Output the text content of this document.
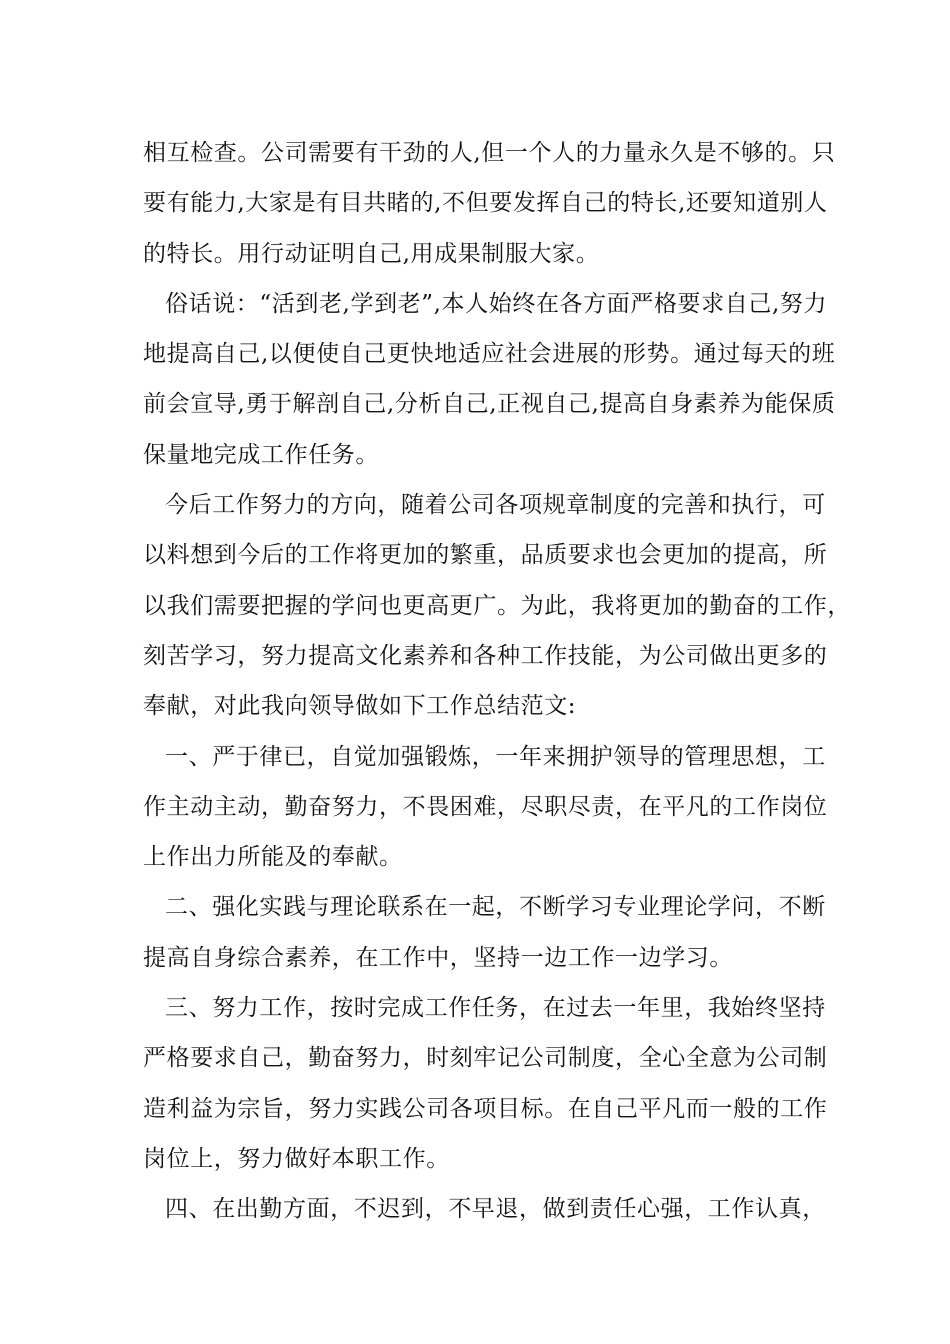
相互检查。公司需要有干劲的人,但一个人的力量永久是不够的。只
要有能力,大家是有目共睹的,不但要发挥自己的特长,还要知道别人
的特长。用行动证明自己,用成果制服大家。
俗话说：“活到老,学到老”,本人始终在各方面严格要求自己,努力
地提高自己,以便使自己更快地适应社会进展的形势。通过每天的班
前会宣导,勇于解剖自己,分析自己,正视自己,提高自身素养为能保质
保量地完成工作任务。
今后工作努力的方向，随着公司各项规章制度的完善和执行，可
以料想到今后的工作将更加的繁重，品质要求也会更加的提高，所
以我们需要把握的学问也更高更广。为此，我将更加的勤奋的工作，
刻苦学习，努力提高文化素养和各种工作技能，为公司做出更多的
奉献，对此我向领导做如下工作总结范文:
一、严于律已，自觉加强锻炼，一年来拥护领导的管理思想，工
作主动主动，勤奋努力，不畏困难，尽职尽责，在平凡的工作岗位
上作出力所能及的奉献。
二、强化实践与理论联系在一起，不断学习专业理论学问，不断
提高自身综合素养，在工作中，坚持一边工作一边学习。
三、努力工作，按时完成工作任务，在过去一年里，我始终坚持
严格要求自己，勤奋努力，时刻牢记公司制度，全心全意为公司制
造利益为宗旨，努力实践公司各项目标。在自己平凡而一般的工作
岗位上，努力做好本职工作。
四、在出勤方面，不迟到，不早退，做到责任心强，工作认真，
